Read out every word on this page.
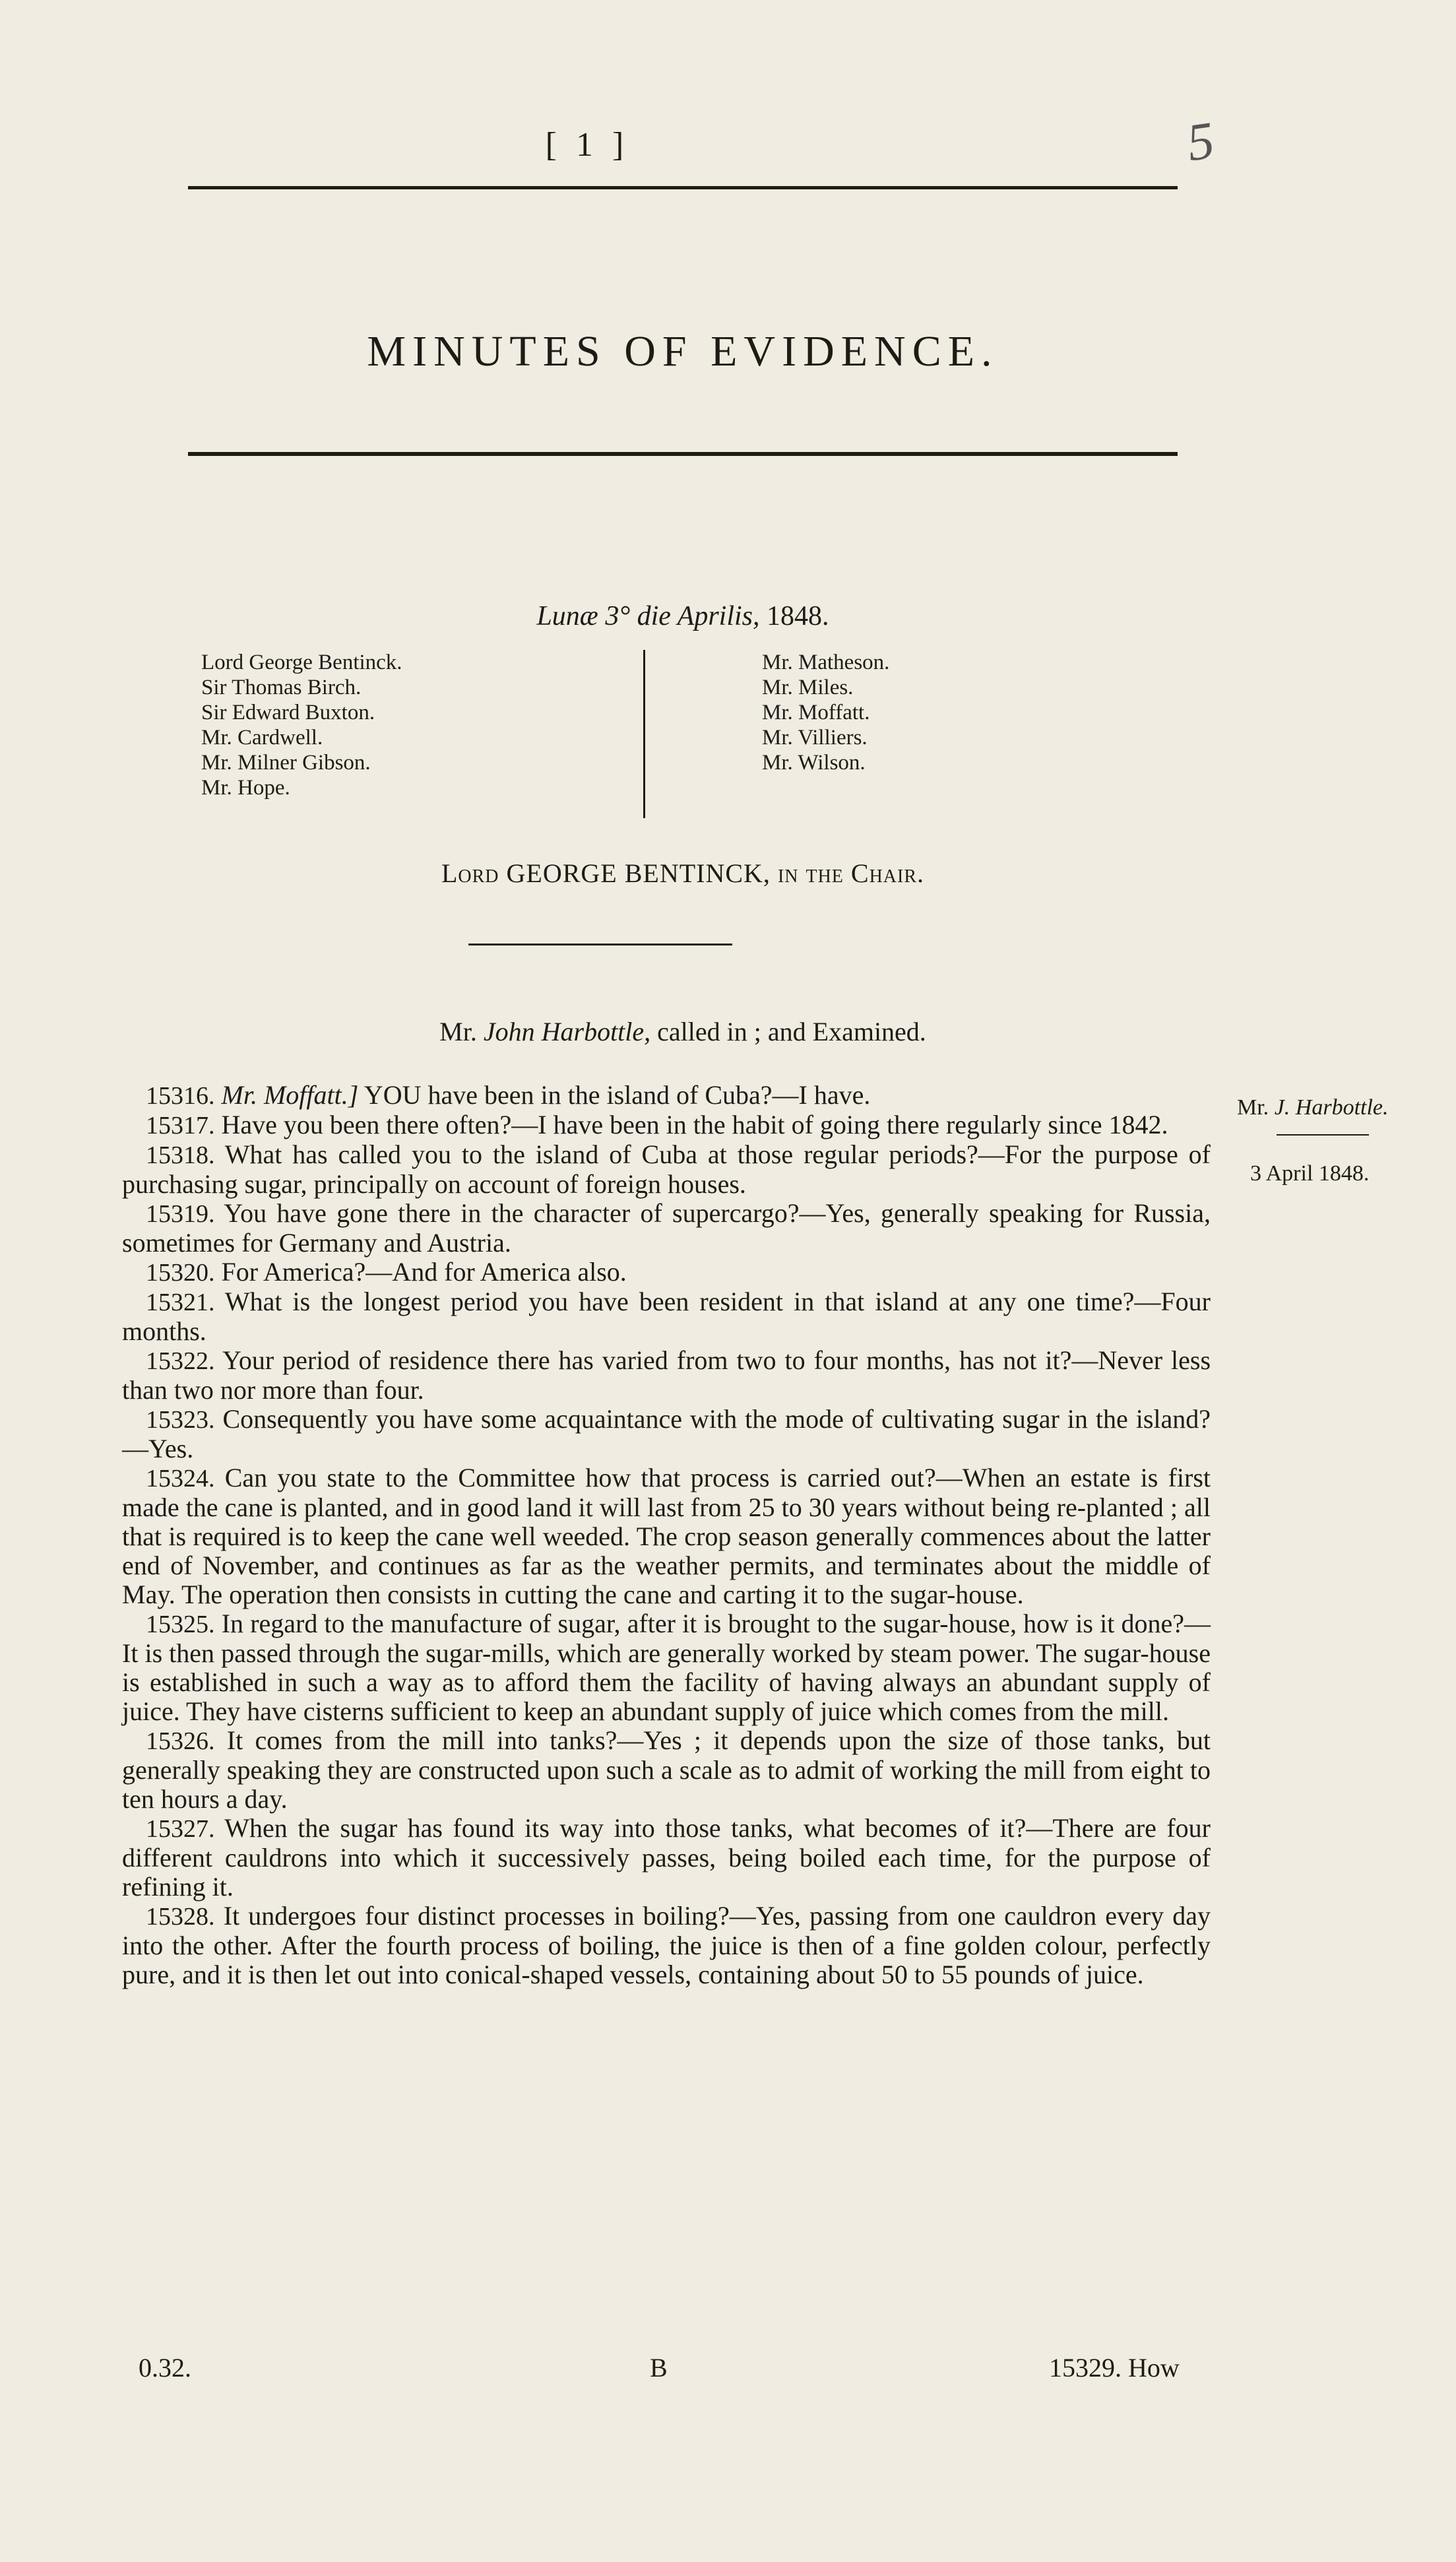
5
[ 1 ]
MINUTES OF EVIDENCE.
Lunæ 3° die Aprilis, 1848.
Lord George Bentinck.
Sir Thomas Birch.
Sir Edward Buxton.
Mr. Cardwell.
Mr. Milner Gibson.
Mr. Hope.
Mr. Matheson.
Mr. Miles.
Mr. Moffatt.
Mr. Villiers.
Mr. Wilson.
Lord GEORGE BENTINCK, in the Chair.
Mr. John Harbottle, called in ; and Examined.
Mr. J. Harbottle.
3 April 1848.

15316. Mr. Moffatt.] YOU have been in the island of Cuba?—I have.

15317. Have you been there often?—I have been in the habit of going there regularly since 1842.

15318. What has called you to the island of Cuba at those regular periods?—For the purpose of purchasing sugar, principally on account of foreign houses.

15319. You have gone there in the character of supercargo?—Yes, generally speaking for Russia, sometimes for Germany and Austria.

15320. For America?—And for America also.

15321. What is the longest period you have been resident in that island at any one time?—Four months.

15322. Your period of residence there has varied from two to four months, has not it?—Never less than two nor more than four.

15323. Consequently you have some acquaintance with the mode of cultivating sugar in the island?—Yes.

15324. Can you state to the Committee how that process is carried out?—When an estate is first made the cane is planted, and in good land it will last from 25 to 30 years without being re-planted ; all that is required is to keep the cane well weeded. The crop season generally commences about the latter end of November, and continues as far as the weather permits, and terminates about the middle of May. The operation then consists in cutting the cane and carting it to the sugar-house.

15325. In regard to the manufacture of sugar, after it is brought to the sugar-house, how is it done?—It is then passed through the sugar-mills, which are generally worked by steam power. The sugar-house is established in such a way as to afford them the facility of having always an abundant supply of juice. They have cisterns sufficient to keep an abundant supply of juice which comes from the mill.

15326. It comes from the mill into tanks?—Yes ; it depends upon the size of those tanks, but generally speaking they are constructed upon such a scale as to admit of working the mill from eight to ten hours a day.

15327. When the sugar has found its way into those tanks, what becomes of it?—There are four different cauldrons into which it successively passes, being boiled each time, for the purpose of refining it.

15328. It undergoes four distinct processes in boiling?—Yes, passing from one cauldron every day into the other. After the fourth process of boiling, the juice is then of a fine golden colour, perfectly pure, and it is then let out into conical-shaped vessels, containing about 50 to 55 pounds of juice.

0.32.	B	15329. How
